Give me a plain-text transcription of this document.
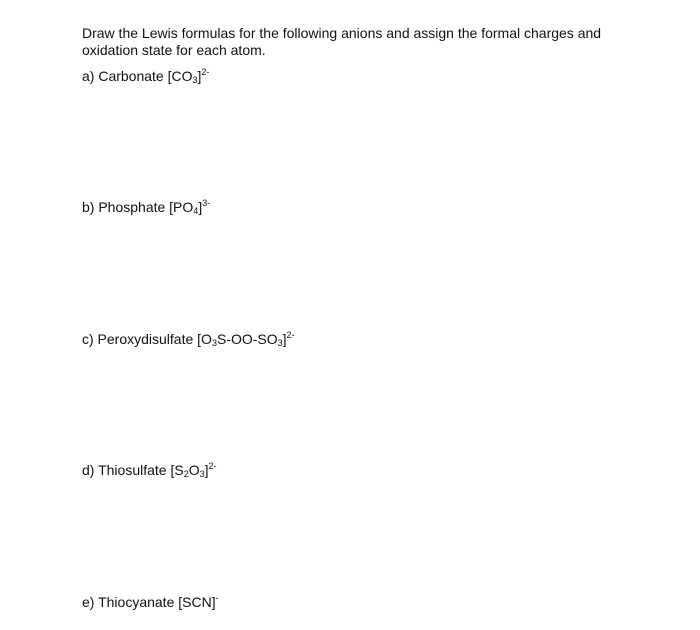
Draw the Lewis formulas for the following anions and assign the formal charges and oxidation state for each atom.
a) Carbonate $[CO_3]^{2-}$
b) Phosphate $[PO_4]^{3-}$
c) Peroxydisulfate $[O_3S-OO-SO_3]^{2-}$
d) Thiosulfate $[S_2O_3]^{2-}$
e) Thiocyanate [SCN]-
